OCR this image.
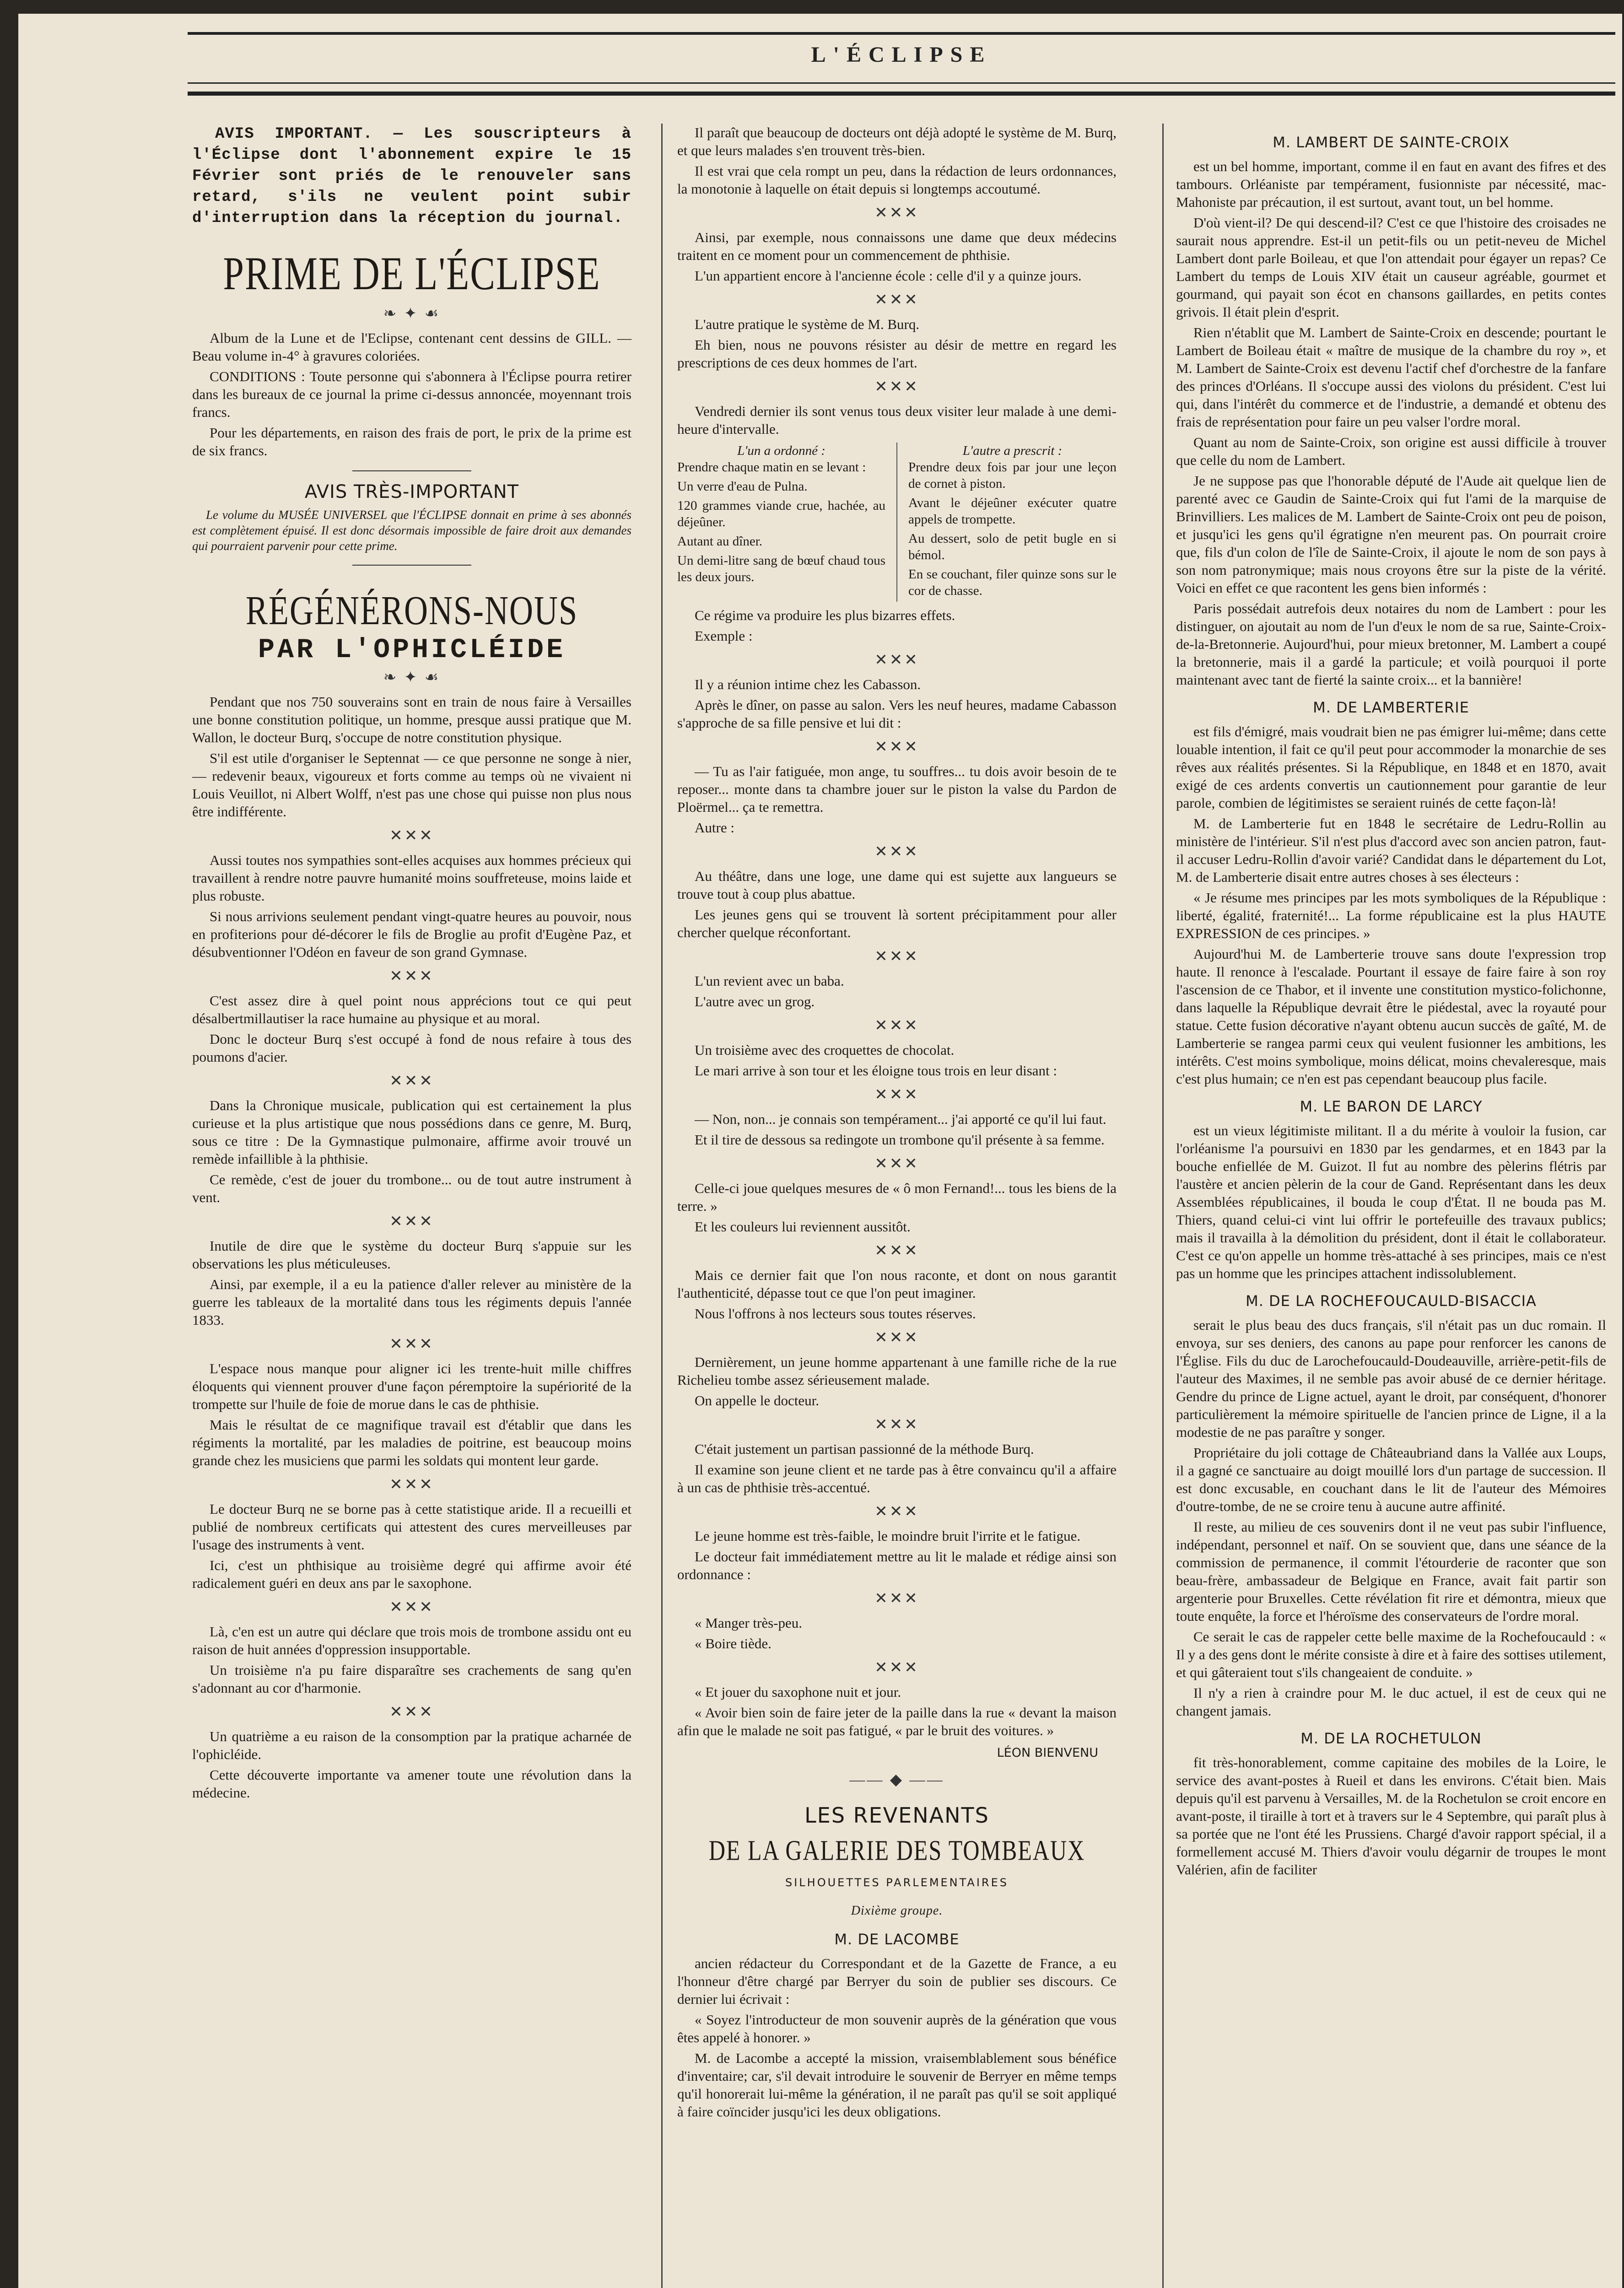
L'ÉCLIPSE

AVIS IMPORTANT. — Les souscripteurs à l'Éclipse dont l'abonnement expire le 15 Février sont priés de le renouveler sans retard, s'ils ne veulent point subir d'interruption dans la réception du journal.

PRIME DE L'ÉCLIPSE
❧ ✦ ☙

Album de la Lune et de l'Eclipse, contenant cent dessins de GILL. — Beau volume in-4° à gravures coloriées.

CONDITIONS : Toute personne qui s'abonnera à l'Éclipse pourra retirer dans les bureaux de ce journal la prime ci-dessus annoncée, moyennant trois francs.

Pour les départements, en raison des frais de port, le prix de la prime est de six francs.

AVIS TRÈS-IMPORTANT

Le volume du MUSÉE UNIVERSEL que l'ÉCLIPSE donnait en prime à ses abonnés est complètement épuisé. Il est donc désormais impossible de faire droit aux demandes qui pourraient parvenir pour cette prime.

RÉGÉNÉRONS-NOUS
PAR L'OPHICLÉIDE
❧ ✦ ☙

Pendant que nos 750 souverains sont en train de nous faire à Versailles une bonne constitution politique, un homme, presque aussi pratique que M. Wallon, le docteur Burq, s'occupe de notre constitution physique.

S'il est utile d'organiser le Septennat — ce que personne ne songe à nier, — redevenir beaux, vigoureux et forts comme au temps où ne vivaient ni Louis Veuillot, ni Albert Wolff, n'est pas une chose qui puisse non plus nous être indifférente.

✕✕✕

Aussi toutes nos sympathies sont-elles acquises aux hommes précieux qui travaillent à rendre notre pauvre humanité moins souffreteuse, moins laide et plus robuste.

Si nous arrivions seulement pendant vingt-quatre heures au pouvoir, nous en profiterions pour dé-décorer le fils de Broglie au profit d'Eugène Paz, et désubventionner l'Odéon en faveur de son grand Gymnase.

✕✕✕

C'est assez dire à quel point nous apprécions tout ce qui peut désalbertmillautiser la race humaine au physique et au moral.

Donc le docteur Burq s'est occupé à fond de nous refaire à tous des poumons d'acier.

✕✕✕

Dans la Chronique musicale, publication qui est certainement la plus curieuse et la plus artistique que nous possédions dans ce genre, M. Burq, sous ce titre : De la Gymnastique pulmonaire, affirme avoir trouvé un remède infaillible à la phthisie.

Ce remède, c'est de jouer du trombone... ou de tout autre instrument à vent.

✕✕✕

Inutile de dire que le système du docteur Burq s'appuie sur les observations les plus méticuleuses.

Ainsi, par exemple, il a eu la patience d'aller relever au ministère de la guerre les tableaux de la mortalité dans tous les régiments depuis l'année 1833.

✕✕✕

L'espace nous manque pour aligner ici les trente-huit mille chiffres éloquents qui viennent prouver d'une façon péremptoire la supériorité de la trompette sur l'huile de foie de morue dans le cas de phthisie.

Mais le résultat de ce magnifique travail est d'établir que dans les régiments la mortalité, par les maladies de poitrine, est beaucoup moins grande chez les musiciens que parmi les soldats qui montent leur garde.

✕✕✕

Le docteur Burq ne se borne pas à cette statistique aride. Il a recueilli et publié de nombreux certificats qui attestent des cures merveilleuses par l'usage des instruments à vent.

Ici, c'est un phthisique au troisième degré qui affirme avoir été radicalement guéri en deux ans par le saxophone.

✕✕✕

Là, c'en est un autre qui déclare que trois mois de trombone assidu ont eu raison de huit années d'oppression insupportable.

Un troisième n'a pu faire disparaître ses crachements de sang qu'en s'adonnant au cor d'harmonie.

✕✕✕

Un quatrième a eu raison de la consomption par la pratique acharnée de l'ophicléide.

Cette découverte importante va amener toute une révolution dans la médecine.

Il paraît que beaucoup de docteurs ont déjà adopté le système de M. Burq, et que leurs malades s'en trouvent très-bien.

Il est vrai que cela rompt un peu, dans la rédaction de leurs ordonnances, la monotonie à laquelle on était depuis si longtemps accoutumé.

✕✕✕

Ainsi, par exemple, nous connaissons une dame que deux médecins traitent en ce moment pour un commencement de phthisie.

L'un appartient encore à l'ancienne école : celle d'il y a quinze jours.

✕✕✕

L'autre pratique le système de M. Burq.

Eh bien, nous ne pouvons résister au désir de mettre en regard les prescriptions de ces deux hommes de l'art.

✕✕✕

Vendredi dernier ils sont venus tous deux visiter leur malade à une demi-heure d'intervalle.

L'un a ordonné :

Prendre chaque matin en se levant :

Un verre d'eau de Pulna.

120 grammes viande crue, hachée, au déjeûner.

Autant au dîner.

Un demi-litre sang de bœuf chaud tous les deux jours.

L'autre a prescrit :

Prendre deux fois par jour une leçon de cornet à piston.

Avant le déjeûner exécuter quatre appels de trompette.

Au dessert, solo de petit bugle en si bémol.

En se couchant, filer quinze sons sur le cor de chasse.

Ce régime va produire les plus bizarres effets.

Exemple :

✕✕✕

Il y a réunion intime chez les Cabasson.

Après le dîner, on passe au salon. Vers les neuf heures, madame Cabasson s'approche de sa fille pensive et lui dit :

✕✕✕

— Tu as l'air fatiguée, mon ange, tu souffres... tu dois avoir besoin de te reposer... monte dans ta chambre jouer sur le piston la valse du Pardon de Ploërmel... ça te remettra.

Autre :

✕✕✕

Au théâtre, dans une loge, une dame qui est sujette aux langueurs se trouve tout à coup plus abattue.

Les jeunes gens qui se trouvent là sortent précipitamment pour aller chercher quelque réconfortant.

✕✕✕

L'un revient avec un baba.

L'autre avec un grog.

✕✕✕

Un troisième avec des croquettes de chocolat.

Le mari arrive à son tour et les éloigne tous trois en leur disant :

✕✕✕

— Non, non... je connais son tempérament... j'ai apporté ce qu'il lui faut.

Et il tire de dessous sa redingote un trombone qu'il présente à sa femme.

✕✕✕

Celle-ci joue quelques mesures de « ô mon Fernand!... tous les biens de la terre. »

Et les couleurs lui reviennent aussitôt.

✕✕✕

Mais ce dernier fait que l'on nous raconte, et dont on nous garantit l'authenticité, dépasse tout ce que l'on peut imaginer.

Nous l'offrons à nos lecteurs sous toutes réserves.

✕✕✕

Dernièrement, un jeune homme appartenant à une famille riche de la rue Richelieu tombe assez sérieusement malade.

On appelle le docteur.

✕✕✕

C'était justement un partisan passionné de la méthode Burq.

Il examine son jeune client et ne tarde pas à être convaincu qu'il a affaire à un cas de phthisie très-accentué.

✕✕✕

Le jeune homme est très-faible, le moindre bruit l'irrite et le fatigue.

Le docteur fait immédiatement mettre au lit le malade et rédige ainsi son ordonnance :

✕✕✕

« Manger très-peu.

« Boire tiède.

✕✕✕

« Et jouer du saxophone nuit et jour.

« Avoir bien soin de faire jeter de la paille dans la rue « devant la maison afin que le malade ne soit pas fatigué, « par le bruit des voitures. »

LÉON BIENVENU
—— ◆ ——
LES REVENANTS
DE LA GALERIE DES TOMBEAUX
SILHOUETTES PARLEMENTAIRES
Dixième groupe.
M. DE LACOMBE

ancien rédacteur du Correspondant et de la Gazette de France, a eu l'honneur d'être chargé par Berryer du soin de publier ses discours. Ce dernier lui écrivait :

« Soyez l'introducteur de mon souvenir auprès de la génération que vous êtes appelé à honorer. »

M. de Lacombe a accepté la mission, vraisemblablement sous bénéfice d'inventaire; car, s'il devait introduire le souvenir de Berryer en même temps qu'il honorerait lui-même la génération, il ne paraît pas qu'il se soit appliqué à faire coïncider jusqu'ici les deux obligations.

M. LAMBERT DE SAINTE-CROIX

est un bel homme, important, comme il en faut en avant des fifres et des tambours. Orléaniste par tempérament, fusionniste par nécessité, mac-Mahoniste par précaution, il est surtout, avant tout, un bel homme.

D'où vient-il? De qui descend-il? C'est ce que l'histoire des croisades ne saurait nous apprendre. Est-il un petit-fils ou un petit-neveu de Michel Lambert dont parle Boileau, et que l'on attendait pour égayer un repas? Ce Lambert du temps de Louis XIV était un causeur agréable, gourmet et gourmand, qui payait son écot en chansons gaillardes, en petits contes grivois. Il était plein d'esprit.

Rien n'établit que M. Lambert de Sainte-Croix en descende; pourtant le Lambert de Boileau était « maître de musique de la chambre du roy », et M. Lambert de Sainte-Croix est devenu l'actif chef d'orchestre de la fanfare des princes d'Orléans. Il s'occupe aussi des violons du président. C'est lui qui, dans l'intérêt du commerce et de l'industrie, a demandé et obtenu des frais de représentation pour faire un peu valser l'ordre moral.

Quant au nom de Sainte-Croix, son origine est aussi difficile à trouver que celle du nom de Lambert.

Je ne suppose pas que l'honorable député de l'Aude ait quelque lien de parenté avec ce Gaudin de Sainte-Croix qui fut l'ami de la marquise de Brinvilliers. Les malices de M. Lambert de Sainte-Croix ont peu de poison, et jusqu'ici les gens qu'il égratigne n'en meurent pas. On pourrait croire que, fils d'un colon de l'île de Sainte-Croix, il ajoute le nom de son pays à son nom patronymique; mais nous croyons être sur la piste de la vérité. Voici en effet ce que racontent les gens bien informés :

Paris possédait autrefois deux notaires du nom de Lambert : pour les distinguer, on ajoutait au nom de l'un d'eux le nom de sa rue, Sainte-Croix-de-la-Bretonnerie. Aujourd'hui, pour mieux bretonner, M. Lambert a coupé la bretonnerie, mais il a gardé la particule; et voilà pourquoi il porte maintenant avec tant de fierté la sainte croix... et la bannière!

M. DE LAMBERTERIE

est fils d'émigré, mais voudrait bien ne pas émigrer lui-même; dans cette louable intention, il fait ce qu'il peut pour accommoder la monarchie de ses rêves aux réalités présentes. Si la République, en 1848 et en 1870, avait exigé de ces ardents convertis un cautionnement pour garantie de leur parole, combien de légitimistes se seraient ruinés de cette façon-là!

M. de Lamberterie fut en 1848 le secrétaire de Ledru-Rollin au ministère de l'intérieur. S'il n'est plus d'accord avec son ancien patron, faut-il accuser Ledru-Rollin d'avoir varié? Candidat dans le département du Lot, M. de Lamberterie disait entre autres choses à ses électeurs :

« Je résume mes principes par les mots symboliques de la République : liberté, égalité, fraternité!... La forme républicaine est la plus HAUTE EXPRESSION de ces principes. »

Aujourd'hui M. de Lamberterie trouve sans doute l'expression trop haute. Il renonce à l'escalade. Pourtant il essaye de faire faire à son roy l'ascension de ce Thabor, et il invente une constitution mystico-folichonne, dans laquelle la République devrait être le piédestal, avec la royauté pour statue. Cette fusion décorative n'ayant obtenu aucun succès de gaîté, M. de Lamberterie se rangea parmi ceux qui veulent fusionner les ambitions, les intérêts. C'est moins symbolique, moins délicat, moins chevaleresque, mais c'est plus humain; ce n'en est pas cependant beaucoup plus facile.

M. LE BARON DE LARCY

est un vieux légitimiste militant. Il a du mérite à vouloir la fusion, car l'orléanisme l'a poursuivi en 1830 par les gendarmes, et en 1843 par la bouche enfiellée de M. Guizot. Il fut au nombre des pèlerins flétris par l'austère et ancien pèlerin de la cour de Gand. Représentant dans les deux Assemblées républicaines, il bouda le coup d'État. Il ne bouda pas M. Thiers, quand celui-ci vint lui offrir le portefeuille des travaux publics; mais il travailla à la démolition du président, dont il était le collaborateur. C'est ce qu'on appelle un homme très-attaché à ses principes, mais ce n'est pas un homme que les principes attachent indissolublement.

M. DE LA ROCHEFOUCAULD-BISACCIA

serait le plus beau des ducs français, s'il n'était pas un duc romain. Il envoya, sur ses deniers, des canons au pape pour renforcer les canons de l'Église. Fils du duc de Larochefoucauld-Doudeauville, arrière-petit-fils de l'auteur des Maximes, il ne semble pas avoir abusé de ce dernier héritage. Gendre du prince de Ligne actuel, ayant le droit, par conséquent, d'honorer particulièrement la mémoire spirituelle de l'ancien prince de Ligne, il a la modestie de ne pas paraître y songer.

Propriétaire du joli cottage de Châteaubriand dans la Vallée aux Loups, il a gagné ce sanctuaire au doigt mouillé lors d'un partage de succession. Il est donc excusable, en couchant dans le lit de l'auteur des Mémoires d'outre-tombe, de ne se croire tenu à aucune autre affinité.

Il reste, au milieu de ces souvenirs dont il ne veut pas subir l'influence, indépendant, personnel et naïf. On se souvient que, dans une séance de la commission de permanence, il commit l'étourderie de raconter que son beau-frère, ambassadeur de Belgique en France, avait fait partir son argenterie pour Bruxelles. Cette révélation fit rire et démontra, mieux que toute enquête, la force et l'héroïsme des conservateurs de l'ordre moral.

Ce serait le cas de rappeler cette belle maxime de la Rochefoucauld : « Il y a des gens dont le mérite consiste à dire et à faire des sottises utilement, et qui gâteraient tout s'ils changeaient de conduite. »

Il n'y a rien à craindre pour M. le duc actuel, il est de ceux qui ne changent jamais.

M. DE LA ROCHETULON

fit très-honorablement, comme capitaine des mobiles de la Loire, le service des avant-postes à Rueil et dans les environs. C'était bien. Mais depuis qu'il est parvenu à Versailles, M. de la Rochetulon se croit encore en avant-poste, il tiraille à tort et à travers sur le 4 Septembre, qui paraît plus à sa portée que ne l'ont été les Prussiens. Chargé d'avoir rapport spécial, il a formellement accusé M. Thiers d'avoir voulu dégarnir de troupes le mont Valérien, afin de faciliter
